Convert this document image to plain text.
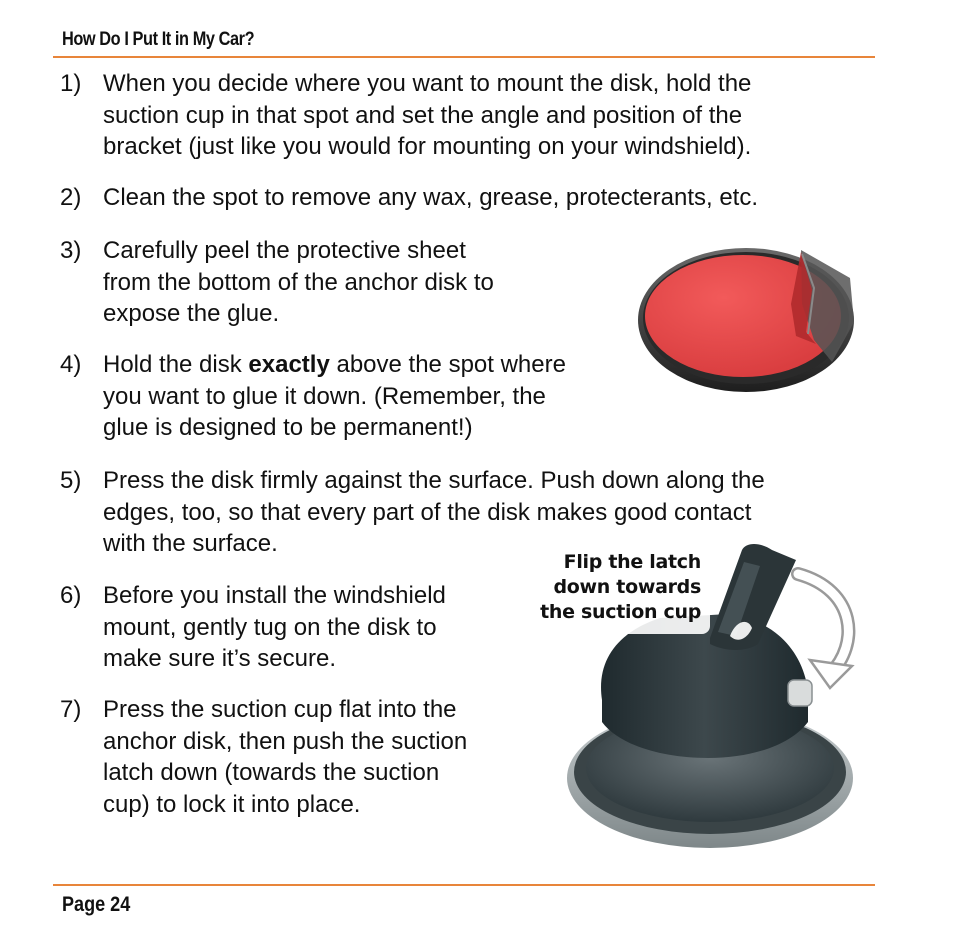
How Do I Put It in My Car?
1) When you decide where you want to mount the disk, hold the
suction cup in that spot and set the angle and position of the
bracket (just like you would for mounting on your windshield).
2) Clean the spot to remove any wax, grease, protecterants, etc.
3) Carefully peel the protective sheet
from the bottom of the anchor disk to
expose the glue.
4) Hold the disk exactly above the spot where
you want to glue it down. (Remember, the
glue is designed to be permanent!)
5) Press the disk firmly against the surface. Push down along the
edges, too, so that every part of the disk makes good contact
with the surface.
6) Before you install the windshield
mount, gently tug on the disk to
make sure it’s secure.
7) Press the suction cup flat into the
anchor disk, then push the suction
latch down (towards the suction
cup) to lock it into place.
Flip the latch
down towards
the suction cup
Page 24
